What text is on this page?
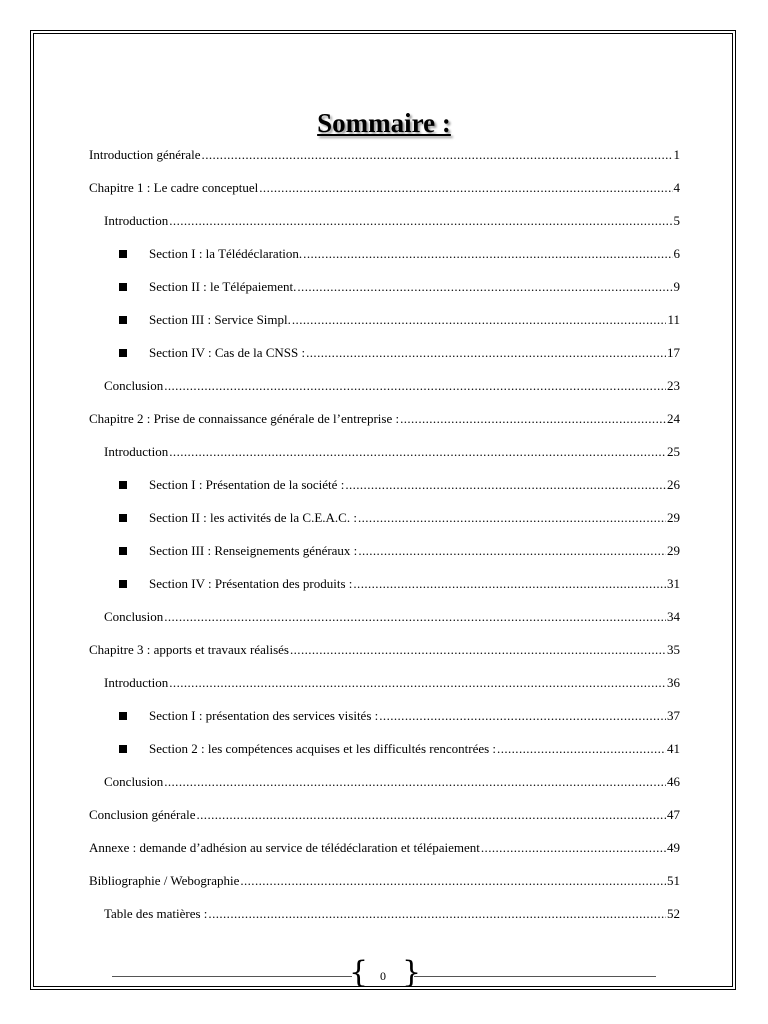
Sommaire :
Introduction générale .....	1
Chapitre 1 : Le cadre conceptuel .....	4
Introduction .....	5
Section I : la Télédéclaration. .....	6
Section II : le Télépaiement. .....	9
Section III : Service Simpl. .....	11
Section IV : Cas de la CNSS : .....	17
Conclusion .....	23
Chapitre 2 : Prise de connaissance générale de l’entreprise : .....	24
Introduction .....	25
Section I : Présentation de la société : .....	26
Section II : les activités de la C.E.A.C. : .....	29
Section III : Renseignements généraux : .....	29
Section IV : Présentation des produits : .....	31
Conclusion .....	34
Chapitre 3 : apports et travaux réalisés .....	35
Introduction .....	36
Section I : présentation des services visités : .....	37
Section 2 : les compétences acquises et les difficultés rencontrées : .....	41
Conclusion .....	46
Conclusion générale .....	47
Annexe : demande d’adhésion au service de télédéclaration et télépaiement .....	49
Bibliographie / Webographie .....	51
Table des matières : .....	52
{ }
0
